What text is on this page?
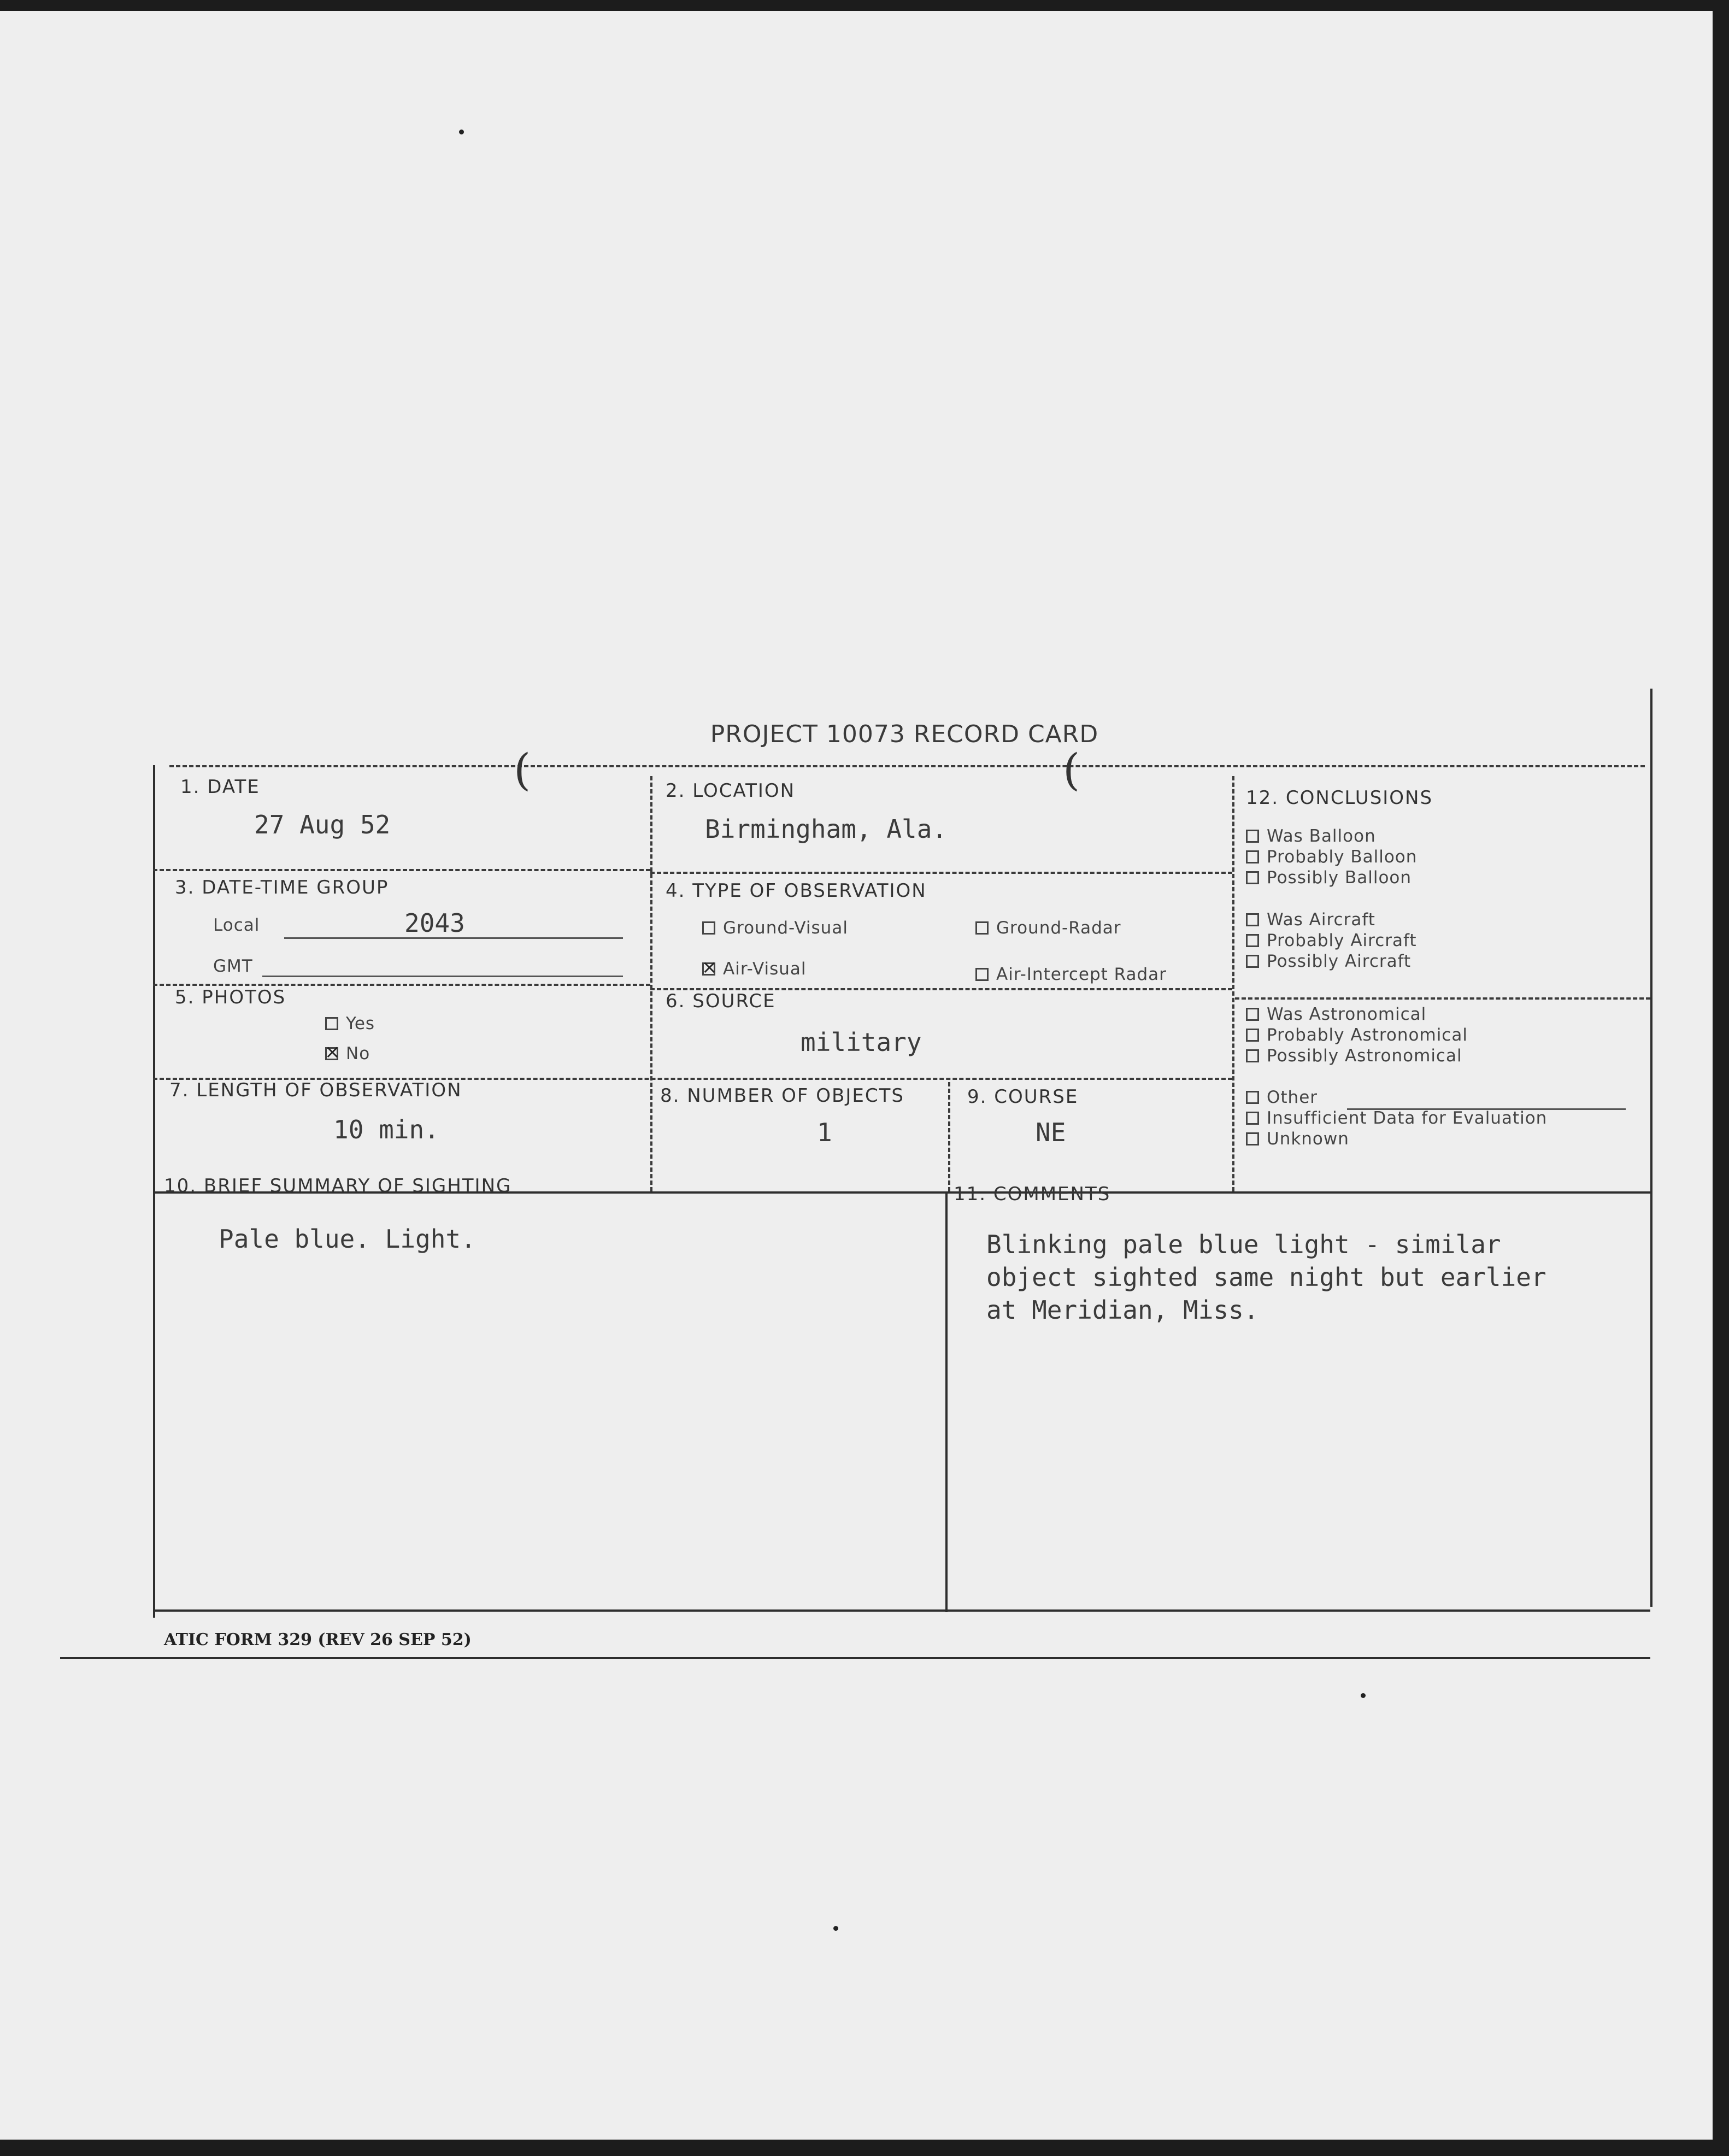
PROJECT 10073 RECORD CARD
(	(
1. DATE
27 Aug 52
2. LOCATION
Birmingham, Ala.
3. DATE-TIME GROUP
Local	2043
GMT
4. TYPE OF OBSERVATION
Ground-Visual	Ground-Radar
×Air-Visual	Air-Intercept Radar
5. PHOTOS
Yes
×No
6. SOURCE
military
7. LENGTH OF OBSERVATION
10 min.
8. NUMBER OF OBJECTS
1
9. COURSE
NE
12. CONCLUSIONS
Was Balloon
Probably Balloon
Possibly Balloon
Was Aircraft
Probably Aircraft
Possibly Aircraft
Was Astronomical
Probably Astronomical
Possibly Astronomical
Other
Insufficient Data for Evaluation
Unknown
10. BRIEF SUMMARY OF SIGHTING
Pale blue. Light.
11. COMMENTS
Blinking pale blue light - similar
object sighted same night but earlier
at Meridian, Miss.
ATIC FORM 329 (REV 26 SEP 52)
